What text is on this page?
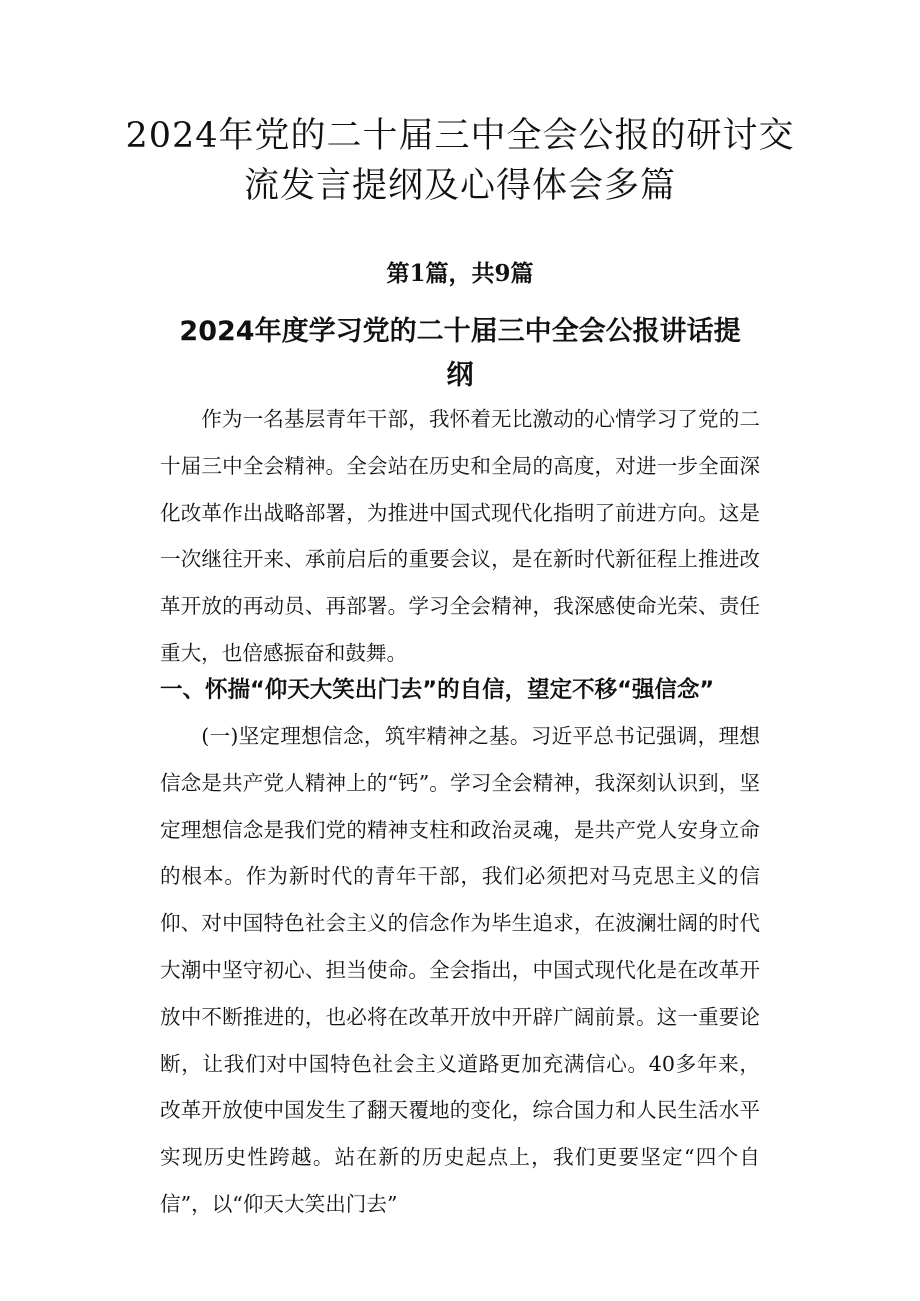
2024年党的二十届三中全会公报的研讨交
流发言提纲及心得体会多篇
第1篇，共9篇
2024年度学习党的二十届三中全会公报讲话提
纲

作为一名基层青年干部，我怀着无比激动的心情学习了党的二十届三中全会精神。全会站在历史和全局的高度，对进一步全面深化改革作出战略部署，为推进中国式现代化指明了前进方向。这是一次继往开来、承前启后的重要会议，是在新时代新征程上推进改革开放的再动员、再部署。学习全会精神，我深感使命光荣、责任重大，也倍感振奋和鼓舞。

一、怀揣“仰天大笑出门去”的自信，望定不移“强信念”

(一)坚定理想信念，筑牢精神之基。习近平总书记强调，理想信念是共产党人精神上的“钙”。学习全会精神，我深刻认识到，坚定理想信念是我们党的精神支柱和政治灵魂，是共产党人安身立命的根本。作为新时代的青年干部，我们必须把对马克思主义的信仰、对中国特色社会主义的信念作为毕生追求，在波澜壮阔的时代大潮中坚守初心、担当使命。全会指出，中国式现代化是在改革开放中不断推进的，也必将在改革开放中开辟广阔前景。这一重要论断，让我们对中国特色社会主义道路更加充满信心。40多年来，改革开放使中国发生了翻天覆地的变化，综合国力和人民生活水平实现历史性跨越。站在新的历史起点上，我们更要坚定“四个自信”，以“仰天大笑出门去”
